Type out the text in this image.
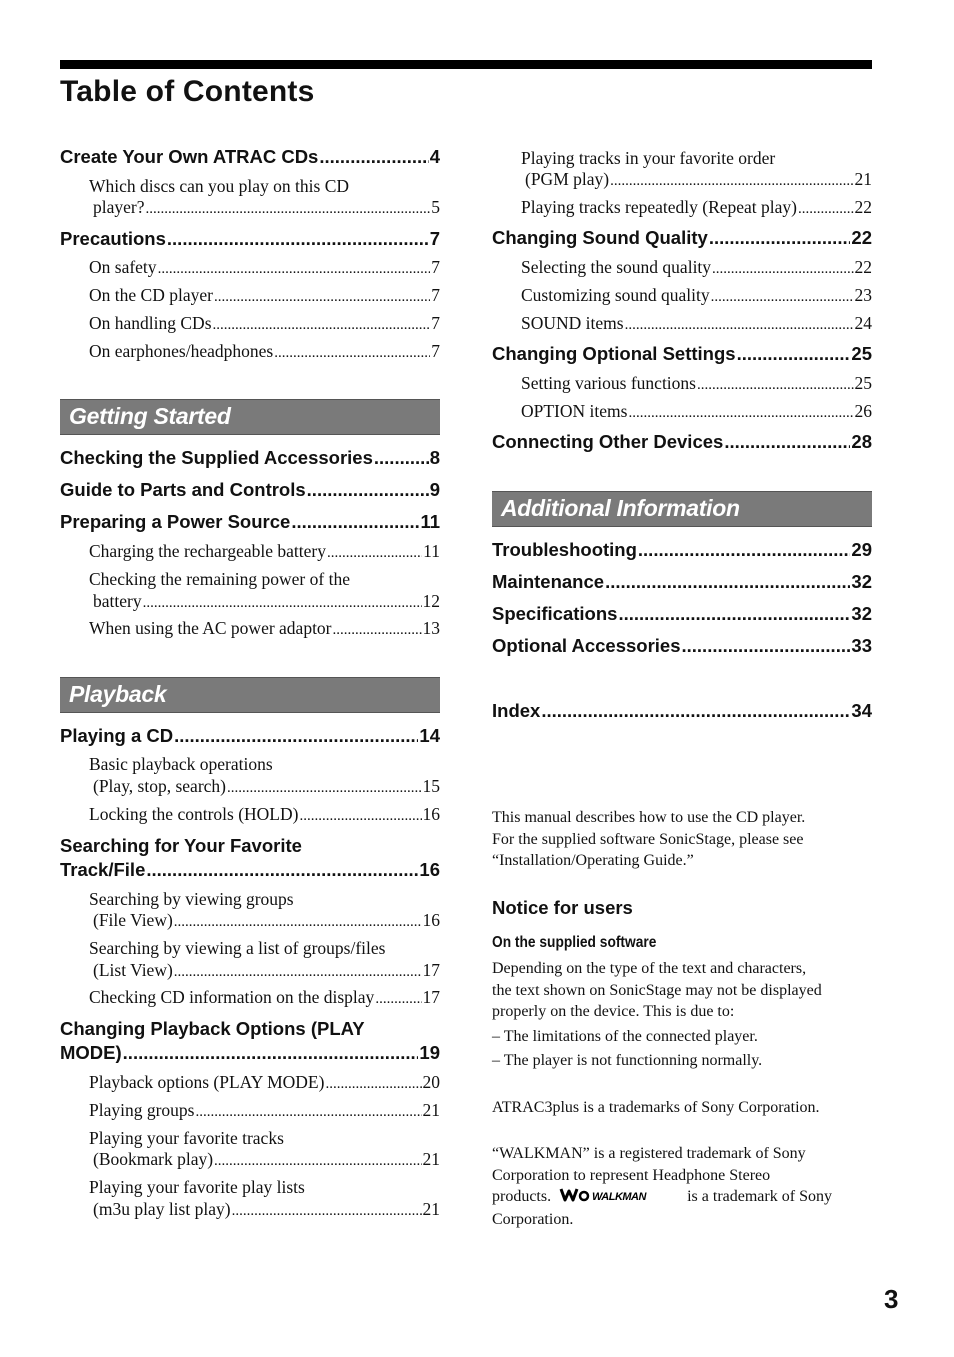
Table of Contents
Create Your Own ATRAC CDs .....	4
Which discs can you play on this CD
player? .....	5
Precautions .....	7
On safety .....	7
On the CD player .....	7
On handling CDs .....	7
On earphones/headphones .....	7
Getting Started
Checking the Supplied Accessories .....	8
Guide to Parts and Controls .....	9
Preparing a Power Source .....	11
Charging the rechargeable battery .....	11
Checking the remaining power of the
battery .....	12
When using the AC power adaptor .....	13
Playback
Playing a CD .....	14
Basic playback operations
(Play, stop, search) .....	15
Locking the controls (HOLD) .....	16
Searching for Your Favorite
Track/File .....	16
Searching by viewing groups
(File View) .....	16
Searching by viewing a list of groups/files
(List View) .....	17
Checking CD information on the display .....	17
Changing Playback Options (PLAY
MODE) .....	19
Playback options (PLAY MODE) .....	20
Playing groups .....	21
Playing your favorite tracks
(Bookmark play) .....	21
Playing your favorite play lists
(m3u play list play) .....	21
Playing tracks in your favorite order
(PGM play) .....	21
Playing tracks repeatedly (Repeat play) .....	22
Changing Sound Quality .....	22
Selecting the sound quality .....	22
Customizing sound quality .....	23
SOUND items .....	24
Changing Optional Settings .....	25
Setting various functions .....	25
OPTION items .....	26
Connecting Other Devices .....	28
Additional Information
Troubleshooting .....	29
Maintenance .....	32
Specifications .....	32
Optional Accessories .....	33
Index .....	34
This manual describes how to use the CD player.
For the supplied software SonicStage, please see
“Installation/Operating Guide.”
Notice for users
On the supplied software
Depending on the type of the text and characters,
the text shown on SonicStage may not be displayed
properly on the device. This is due to:
– The limitations of the connected player.
– The player is not functionning normally.
ATRAC3plus is a trademarks of Sony Corporation.
“WALKMAN” is a registered trademark of Sony
Corporation to represent Headphone Stereo
products.	WALKMAN	is a trademark of Sony
Corporation.
3
